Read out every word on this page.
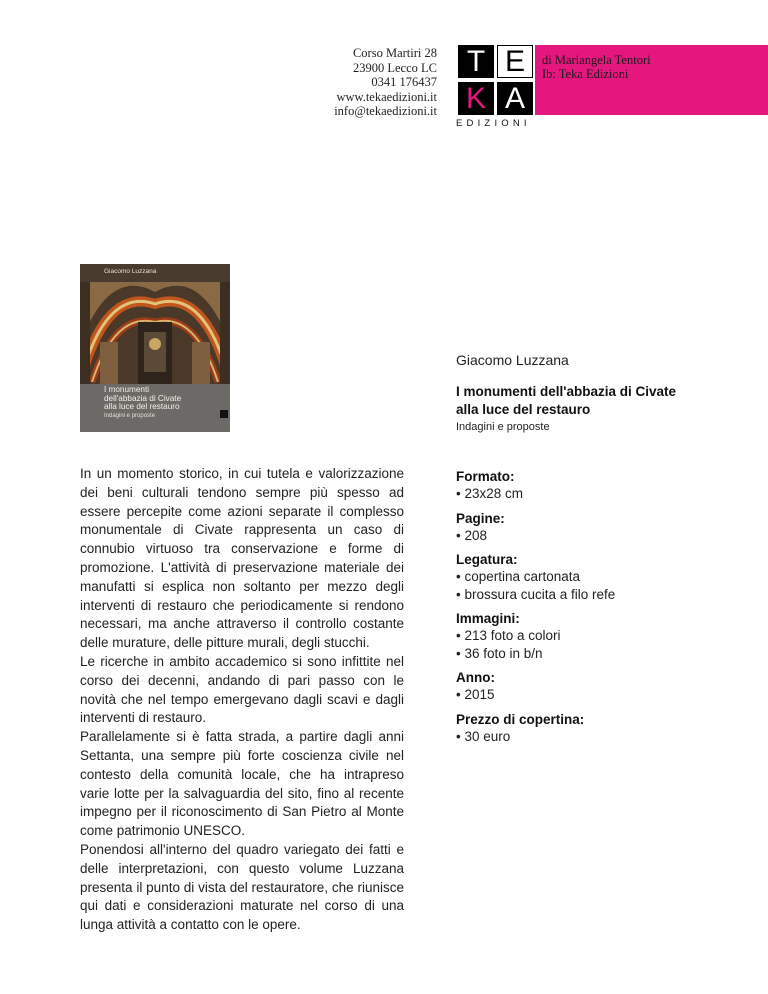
Corso Martiri 28
23900 Lecco LC
0341 176437
www.tekaedizioni.it
info@tekaedizioni.it
T E
K A
EDIZIONI
di Mariangela Tentori
Ib: Teka Edizioni
Giacomo Luzzana
I monumenti
dell'abbazia di Civate
alla luce del restauro
Indagini e proposte
Giacomo Luzzana
I monumenti dell'abbazia di Civate
alla luce del restauro
Indagini e proposte
Formato:
• 23x28 cm
Pagine:
• 208
Legatura:
• copertina cartonata
• brossura cucita a filo refe
Immagini:
• 213 foto a colori
• 36 foto in b/n
Anno:
• 2015
Prezzo di copertina:
• 30 euro

In un momento storico, in cui tutela e valorizzazione dei beni culturali tendono sempre più spesso ad essere percepite come azioni separate il complesso monumentale di Civate rappresenta un caso di connubio virtuoso tra conservazione e forme di promozione. L'attività di preservazione materiale dei manufatti si esplica non soltanto per mezzo degli interventi di restauro che periodicamente si rendono necessari, ma anche attraverso il controllo costante delle murature, delle pitture murali, degli stucchi.

Le ricerche in ambito accademico si sono infittite nel corso dei decenni, andando di pari passo con le novità che nel tempo emergevano dagli scavi e dagli interventi di restauro.

Parallelamente si è fatta strada, a partire dagli anni Settanta, una sempre più forte coscienza civile nel contesto della comunità locale, che ha intrapreso varie lotte per la salvaguardia del sito, fino al recente impegno per il riconoscimento di San Pietro al Monte come patrimonio UNESCO.

Ponendosi all'interno del quadro variegato dei fatti e delle interpretazioni, con questo volume Luzzana presenta il punto di vista del restauratore, che riunisce qui dati e considerazioni maturate nel corso di una lunga attività a contatto con le opere.
